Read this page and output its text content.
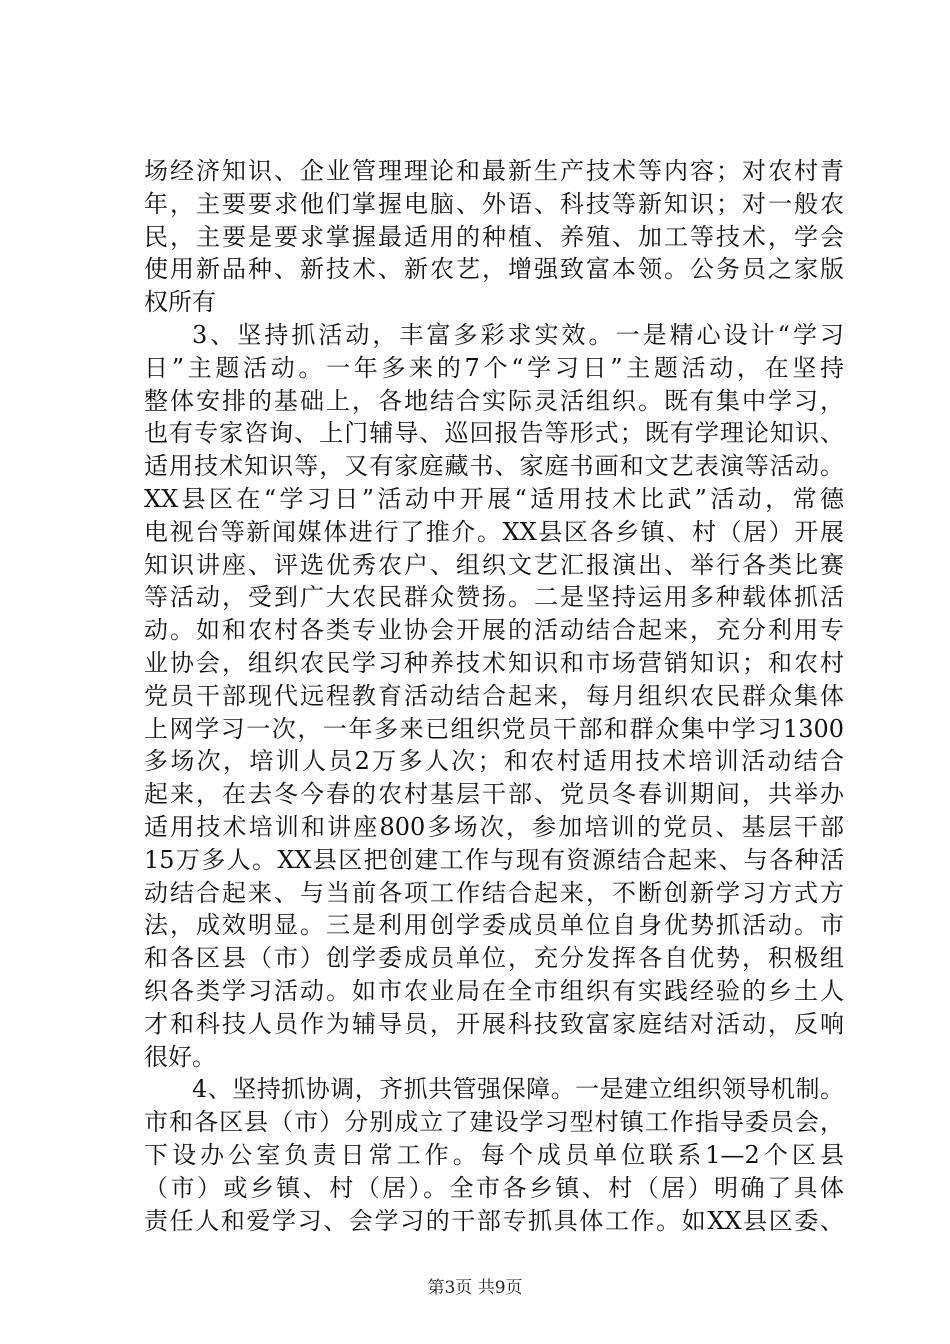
场经济知识、企业管理理论和最新生产技术等内容；对农村青
年，主要要求他们掌握电脑、外语、科技等新知识；对一般农
民，主要是要求掌握最适用的种植、养殖、加工等技术，学会
使用新品种、新技术、新农艺，增强致富本领。公务员之家版
权所有
3、坚持抓活动，丰富多彩求实效。一是精心设计“学习
日”主题活动。一年多来的7个“学习日”主题活动，在坚持
整体安排的基础上，各地结合实际灵活组织。既有集中学习，
也有专家咨询、上门辅导、巡回报告等形式；既有学理论知识、
适用技术知识等，又有家庭藏书、家庭书画和文艺表演等活动。
XX县区在“学习日”活动中开展“适用技术比武”活动，常德
电视台等新闻媒体进行了推介。XX县区各乡镇、村（居）开展
知识讲座、评选优秀农户、组织文艺汇报演出、举行各类比赛
等活动，受到广大农民群众赞扬。二是坚持运用多种载体抓活
动。如和农村各类专业协会开展的活动结合起来，充分利用专
业协会，组织农民学习种养技术知识和市场营销知识；和农村
党员干部现代远程教育活动结合起来，每月组织农民群众集体
上网学习一次，一年多来已组织党员干部和群众集中学习1300
多场次，培训人员2万多人次；和农村适用技术培训活动结合
起来，在去冬今春的农村基层干部、党员冬春训期间，共举办
适用技术培训和讲座800多场次，参加培训的党员、基层干部
15万多人。XX县区把创建工作与现有资源结合起来、与各种活
动结合起来、与当前各项工作结合起来，不断创新学习方式方
法，成效明显。三是利用创学委成员单位自身优势抓活动。市
和各区县（市）创学委成员单位，充分发挥各自优势，积极组
织各类学习活动。如市农业局在全市组织有实践经验的乡土人
才和科技人员作为辅导员，开展科技致富家庭结对活动，反响
很好。
4、坚持抓协调，齐抓共管强保障。一是建立组织领导机制。
市和各区县（市）分别成立了建设学习型村镇工作指导委员会，
下设办公室负责日常工作。每个成员单位联系1—2个区县
（市）或乡镇、村（居）。全市各乡镇、村（居）明确了具体
责任人和爱学习、会学习的干部专抓具体工作。如XX县区委、
第3页 共9页
